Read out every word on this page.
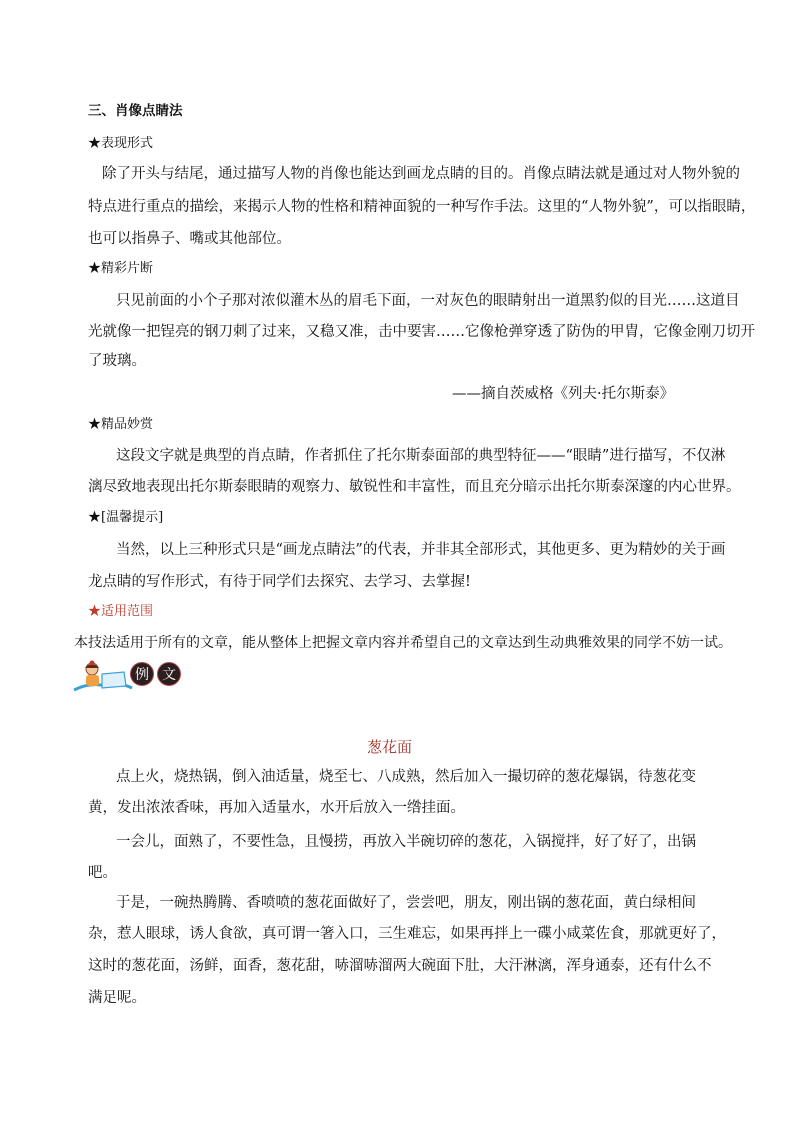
三、肖像点睛法
★表现形式
除了开头与结尾，通过描写人物的肖像也能达到画龙点睛的目的。肖像点睛法就是通过对人物外貌的
特点进行重点的描绘，来揭示人物的性格和精神面貌的一种写作手法。这里的“人物外貌”，可以指眼睛，
也可以指鼻子、嘴或其他部位。
★精彩片断
只见前面的小个子那对浓似灌木丛的眉毛下面，一对灰色的眼睛射出一道黑豹似的目光……这道目
光就像一把锃亮的钢刀刺了过来，又稳又准，击中要害……它像枪弹穿透了防伪的甲胄，它像金刚刀切开
了玻璃。
——摘自茨威格《列夫·托尔斯泰》
★精品妙赏
这段文字就是典型的肖点睛，作者抓住了托尔斯泰面部的典型特征——“眼睛”进行描写，不仅淋
漓尽致地表现出托尔斯泰眼睛的观察力、敏锐性和丰富性，而且充分暗示出托尔斯泰深邃的内心世界。
★[温馨提示]
当然，以上三种形式只是“画龙点睛法”的代表，并非其全部形式，其他更多、更为精妙的关于画
龙点睛的写作形式，有待于同学们去探究、去学习、去掌握!
★适用范围
本技法适用于所有的文章，能从整体上把握文章内容并希望自己的文章达到生动典雅效果的同学不妨一试。
例 文
葱花面
点上火，烧热锅，倒入油适量，烧至七、八成熟，然后加入一撮切碎的葱花爆锅，待葱花变
黄，发出浓浓香味，再加入适量水，水开后放入一绺挂面。
一会儿，面熟了，不要性急，且慢捞，再放入半碗切碎的葱花，入锅搅拌，好了好了，出锅
吧。
于是，一碗热腾腾、香喷喷的葱花面做好了，尝尝吧，朋友，刚出锅的葱花面，黄白绿相间
杂，惹人眼球，诱人食欲，真可谓一箸入口，三生难忘，如果再拌上一碟小咸菜佐食，那就更好了，
这时的葱花面，汤鲜，面香，葱花甜，哧溜哧溜两大碗面下肚，大汗淋漓，浑身通泰，还有什么不
满足呢。
